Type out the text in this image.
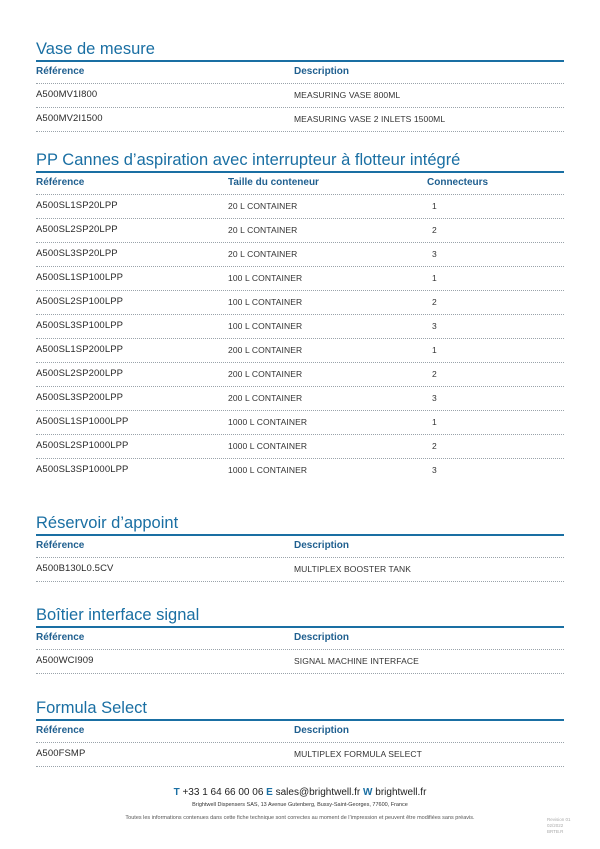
Vase de mesure
Référence	Description
A500MV1I800	MEASURING VASE 800ML
A500MV2I1500	MEASURING VASE 2 INLETS 1500ML
PP Cannes d’aspiration avec interrupteur à flotteur intégré
Référence	Taille du conteneur	Connecteurs
A500SL1SP20LPP	20 L CONTAINER	1
A500SL2SP20LPP	20 L CONTAINER	2
A500SL3SP20LPP	20 L CONTAINER	3
A500SL1SP100LPP	100 L CONTAINER	1
A500SL2SP100LPP	100 L CONTAINER	2
A500SL3SP100LPP	100 L CONTAINER	3
A500SL1SP200LPP	200 L CONTAINER	1
A500SL2SP200LPP	200 L CONTAINER	2
A500SL3SP200LPP	200 L CONTAINER	3
A500SL1SP1000LPP	1000 L CONTAINER	1
A500SL2SP1000LPP	1000 L CONTAINER	2
A500SL3SP1000LPP	1000 L CONTAINER	3
Réservoir d’appoint
Référence	Description
A500B130L0.5CV	MULTIPLEX BOOSTER TANK
Boîtier interface signal
Référence	Description
A500WCI909	SIGNAL MACHINE INTERFACE
Formula Select
Référence	Description
A500FSMP	MULTIPLEX FORMULA SELECT
T +33 1 64 66 00 06 E sales@brightwell.fr W brightwell.fr
Brightwell Dispensers SAS, 13 Avenue Gutenberg, Bussy-Saint-Georges, 77600, France
Toutes les informations contenues dans cette fiche technique sont correctes au moment de l’impression et peuvent être modifiées sans préavis.	Revision 01
02/2022
BRTB.R
